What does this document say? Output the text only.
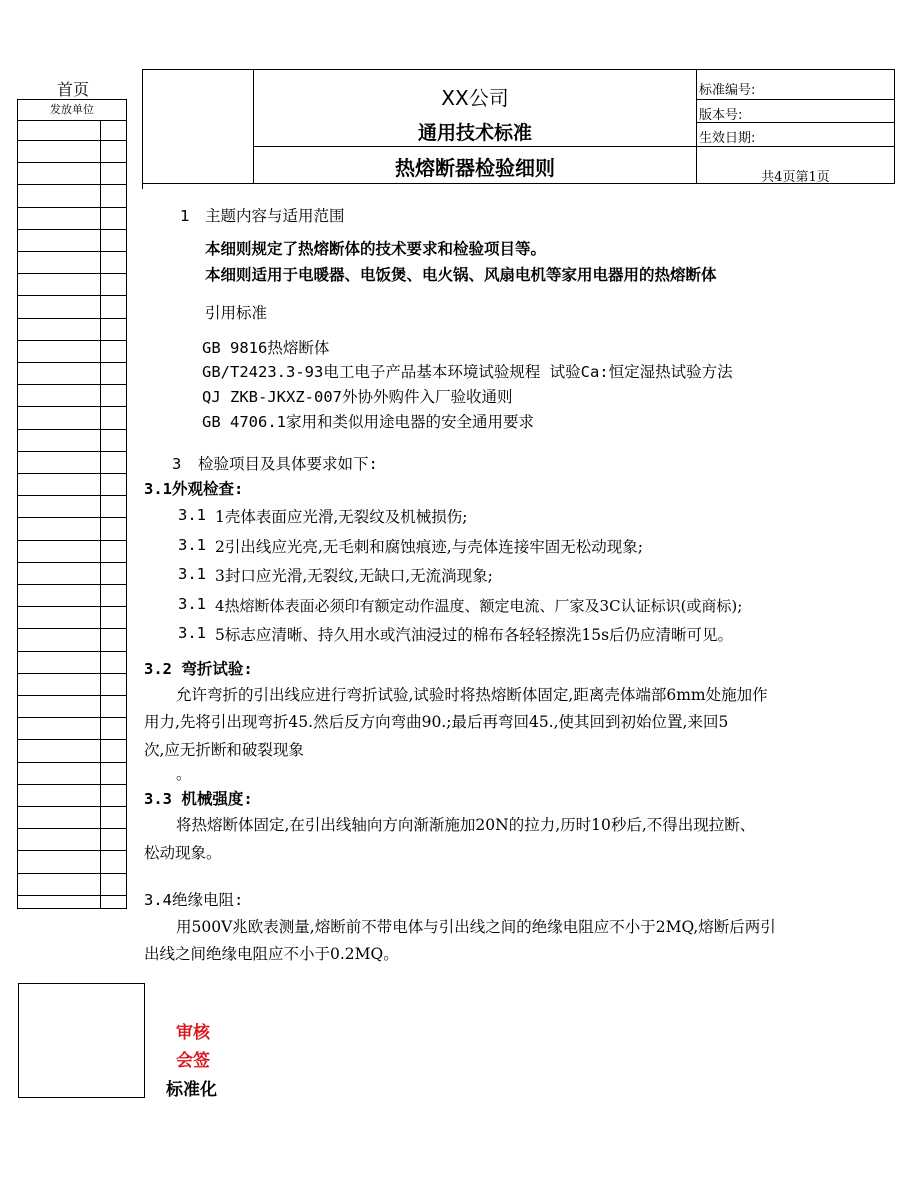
首页
发放单位	XX公司
通用技术标准
热熔断器检验细则
标准编号:
版本号:
生效日期:
共4页第1页
1 主题内容与适用范围
本细则规定了热熔断体的技术要求和检验项目等。
本细则适用于电暖器、电饭煲、电火锅、风扇电机等家用电器用的热熔断体
引用标准
GB 9816热熔断体
GB/T2423.3-93电工电子产品基本环境试验规程 试验Ca:恒定湿热试验方法
QJ ZKB-JKXZ-007外协外购件入厂验收通则
GB 4706.1家用和类似用途电器的安全通用要求
3 检验项目及具体要求如下:
3.1外观检查:
3.1 1壳体表面应光滑,无裂纹及机械损伤;
3.1 2引出线应光亮,无毛刺和腐蚀痕迹,与壳体连接牢固无松动现象;
3.1 3封口应光滑,无裂纹,无缺口,无流淌现象;
3.1 4热熔断体表面必须印有额定动作温度、额定电流、厂家及3C认证标识(或商标);
3.1 5标志应清晰、持久用水或汽油浸过的棉布各轻轻擦洗15s后仍应清晰可见。
3.2 弯折试验:
允许弯折的引出线应进行弯折试验,试验时将热熔断体固定,距离壳体端部6mm处施加作
用力,先将引出现弯折45.然后反方向弯曲90.;最后再弯回45.,使其回到初始位置,来回5
次,应无折断和破裂现象
。
3.3 机械强度:
将热熔断体固定,在引出线轴向方向渐渐施加20N的拉力,历时10秒后,不得出现拉断、
松动现象。
3.4绝缘电阻:
用500V兆欧表测量,熔断前不带电体与引出线之间的绝缘电阻应不小于2MQ,熔断后两引
出线之间绝缘电阻应不小于0.2MQ。
审核
会签
标准化
